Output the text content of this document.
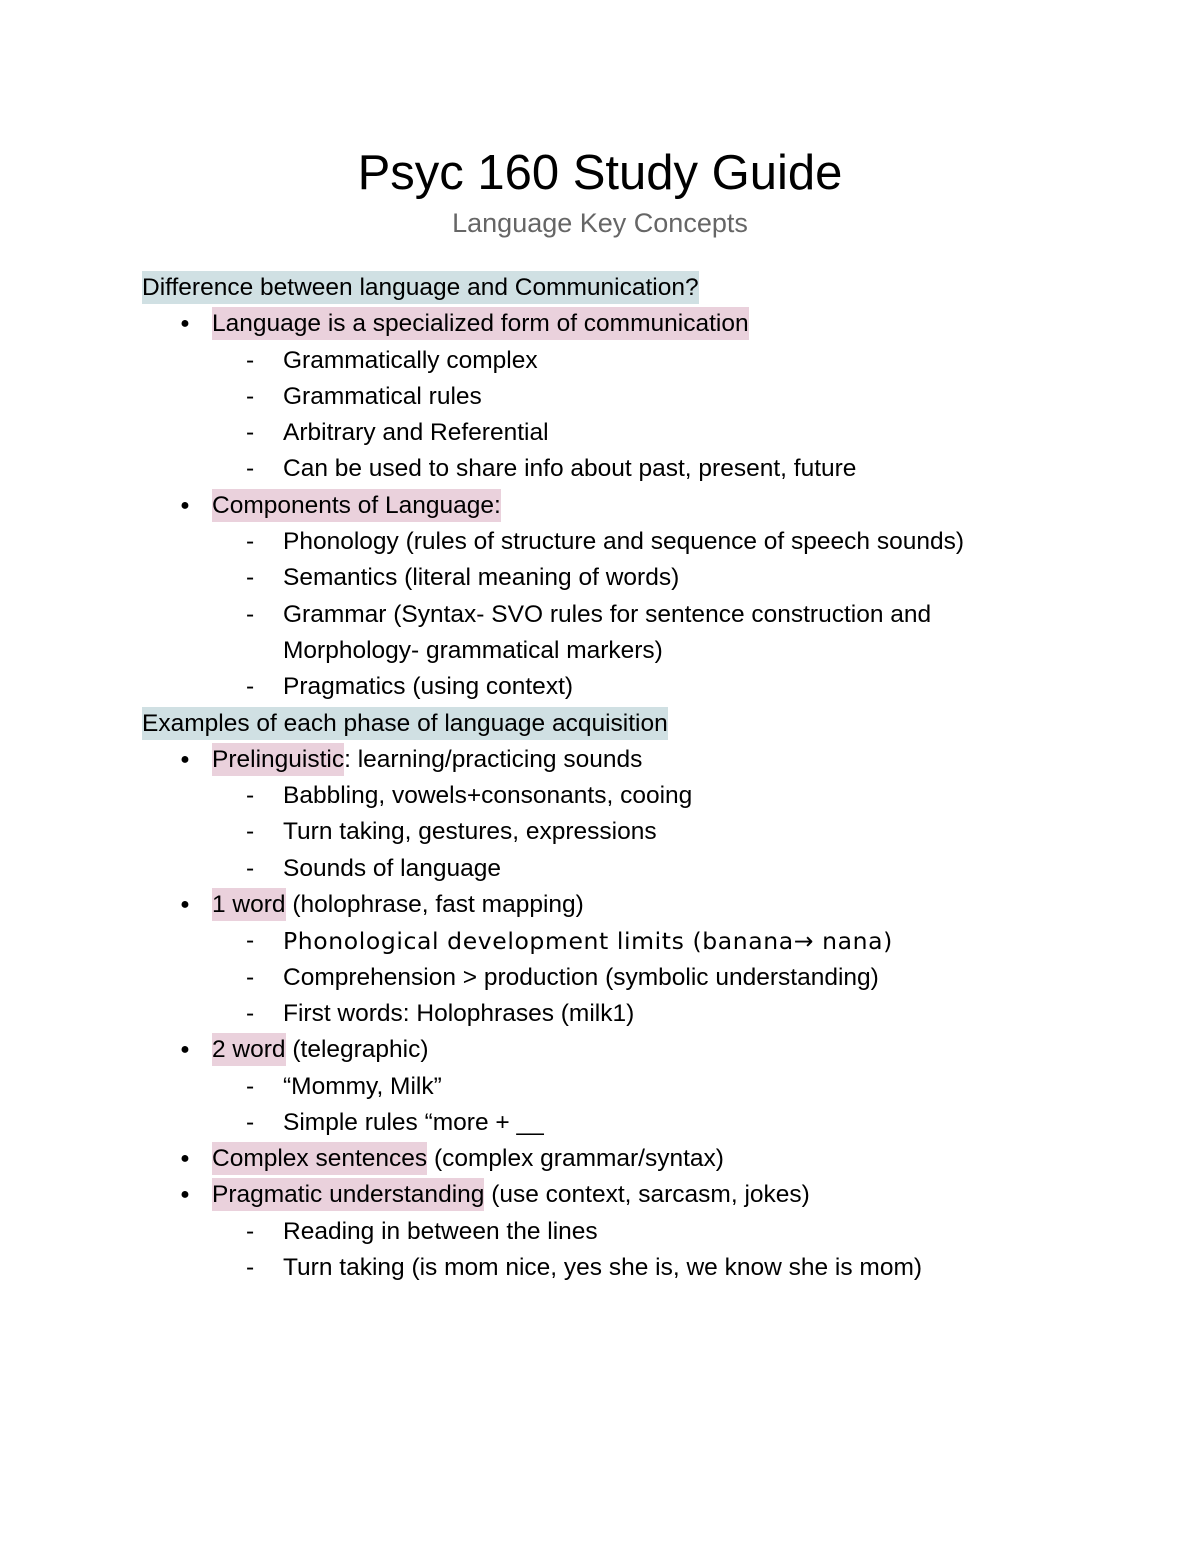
Psyc 160 Study Guide
Language Key Concepts
Difference between language and Communication?
● Language is a specialized form of communication
- Grammatically complex
- Grammatical rules
- Arbitrary and Referential
- Can be used to share info about past, present, future
● Components of Language:
- Phonology (rules of structure and sequence of speech sounds)
- Semantics (literal meaning of words)
- Grammar (Syntax- SVO rules for sentence construction and
Morphology- grammatical markers)
- Pragmatics (using context)
Examples of each phase of language acquisition
● Prelinguistic: learning/practicing sounds
- Babbling, vowels+consonants, cooing
- Turn taking, gestures, expressions
- Sounds of language
● 1 word (holophrase, fast mapping)
- Phonological development limits (banana→ nana)
- Comprehension > production (symbolic understanding)
- First words: Holophrases (milk1)
● 2 word (telegraphic)
- “Mommy, Milk”
- Simple rules “more + __
● Complex sentences (complex grammar/syntax)
● Pragmatic understanding (use context, sarcasm, jokes)
- Reading in between the lines
- Turn taking (is mom nice, yes she is, we know she is mom)
